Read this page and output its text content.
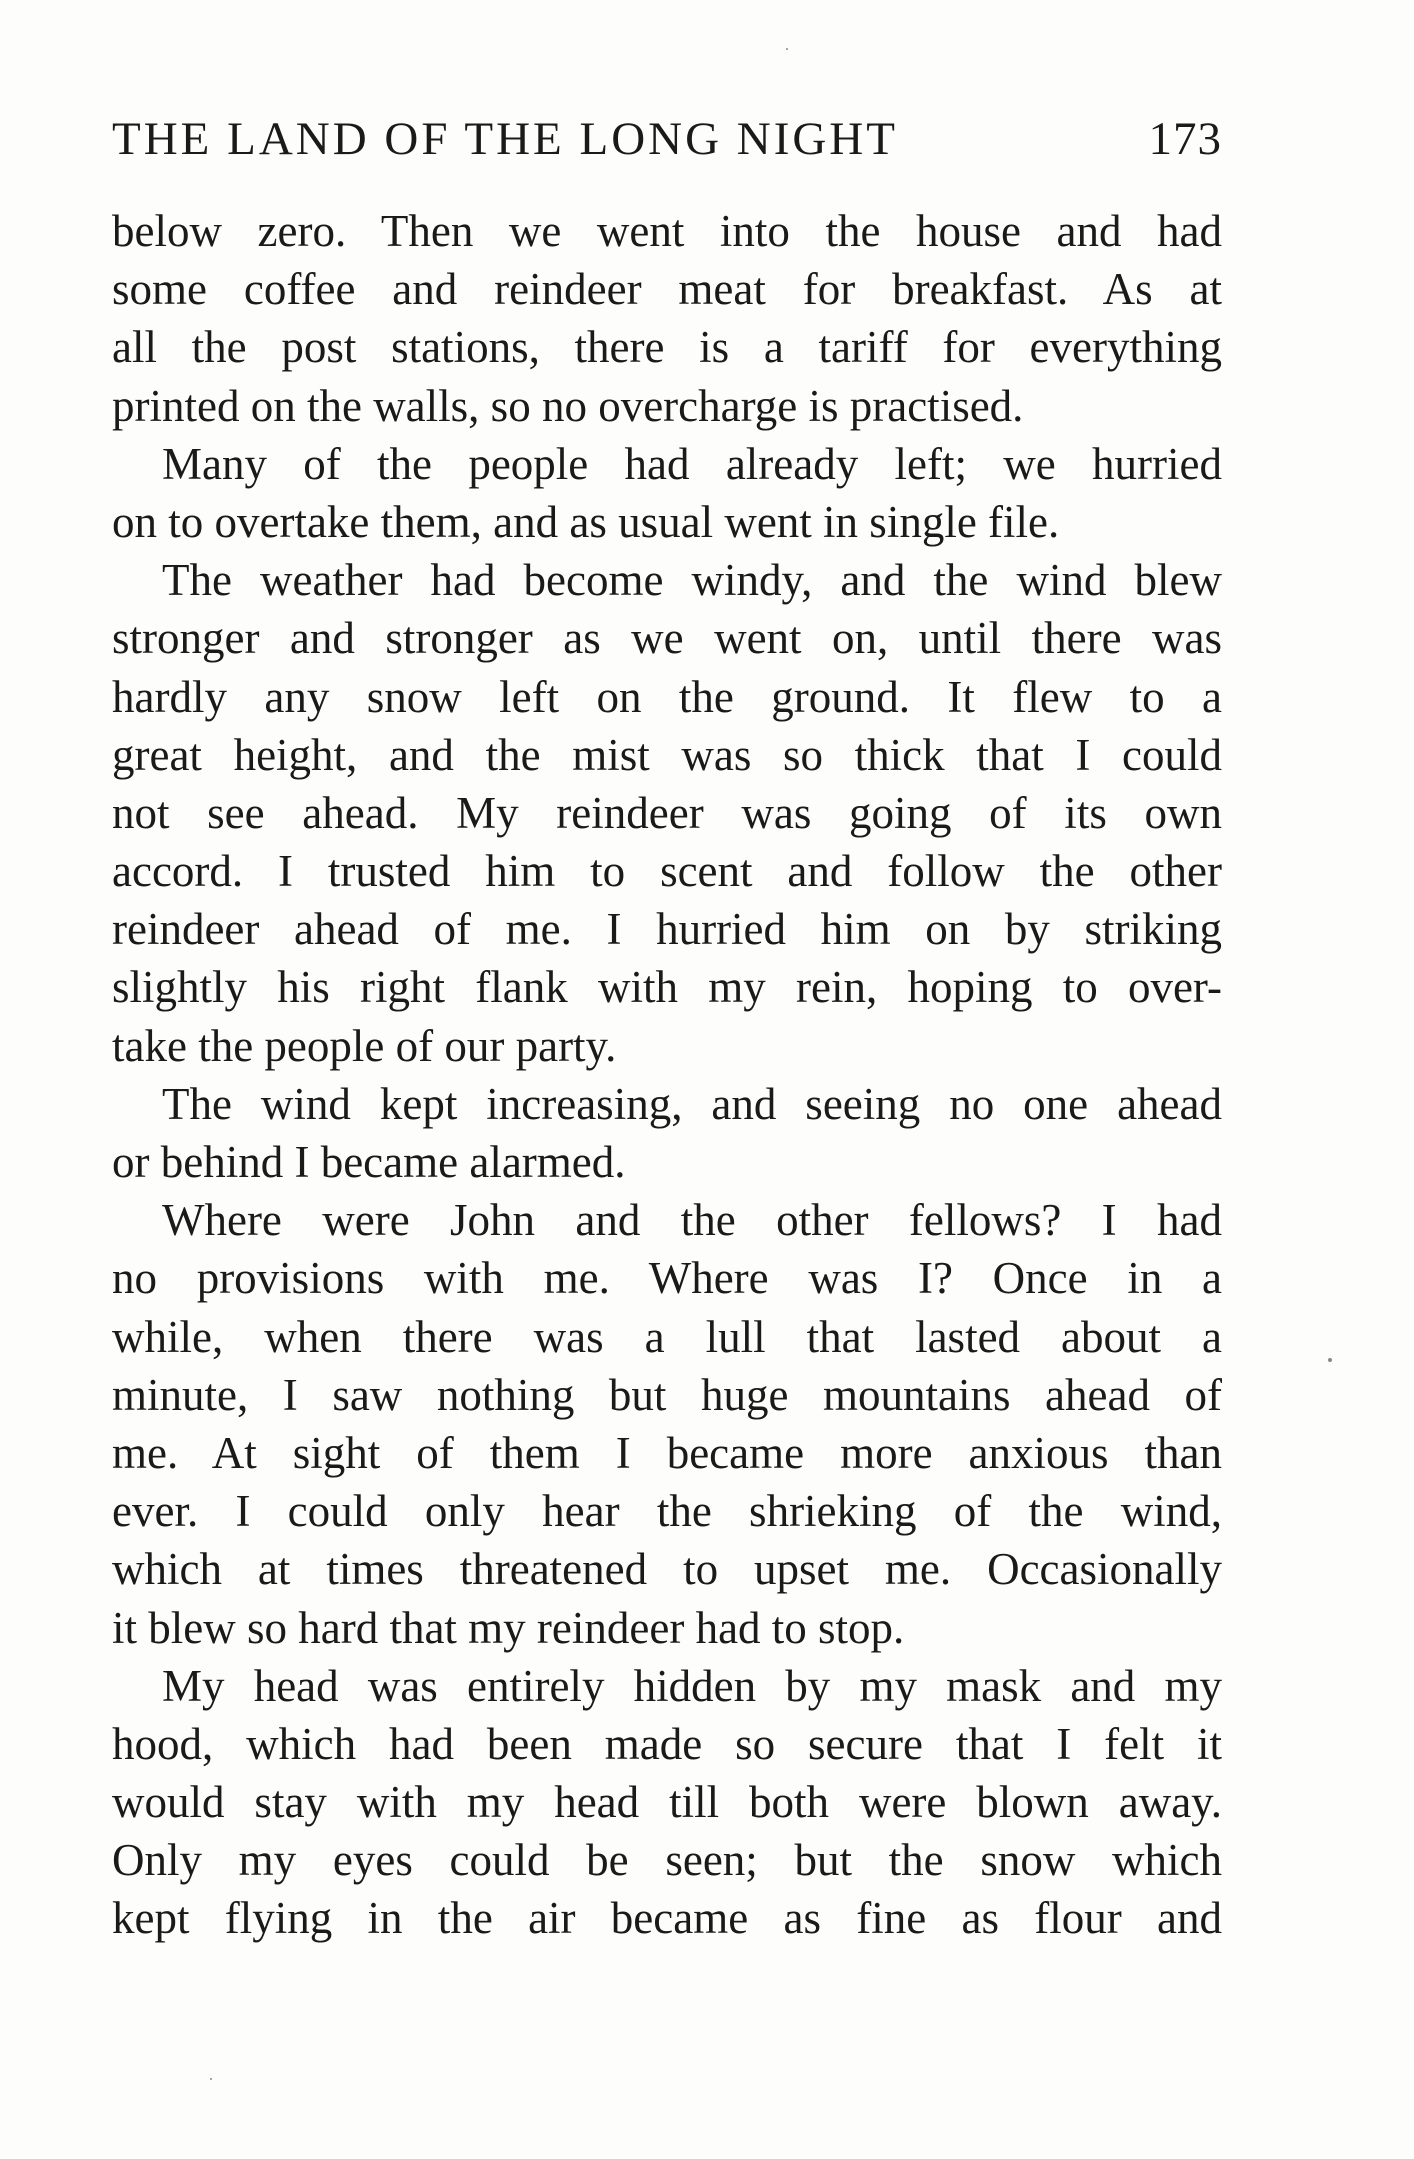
THE LAND OF THE LONG NIGHT	173
below zero. Then we went into the house and had
some coffee and reindeer meat for breakfast. As at
all the post stations, there is a tariff for everything
printed on the walls, so no overcharge is practised.
Many of the people had already left; we hurried
on to overtake them, and as usual went in single file.
The weather had become windy, and the wind blew
stronger and stronger as we went on, until there was
hardly any snow left on the ground. It flew to a
great height, and the mist was so thick that I could
not see ahead. My reindeer was going of its own
accord. I trusted him to scent and follow the other
reindeer ahead of me. I hurried him on by striking
slightly his right flank with my rein, hoping to over-
take the people of our party.
The wind kept increasing, and seeing no one ahead
or behind I became alarmed.
Where were John and the other fellows? I had
no provisions with me. Where was I? Once in a
while, when there was a lull that lasted about a
minute, I saw nothing but huge mountains ahead of
me. At sight of them I became more anxious than
ever. I could only hear the shrieking of the wind,
which at times threatened to upset me. Occasionally
it blew so hard that my reindeer had to stop.
My head was entirely hidden by my mask and my
hood, which had been made so secure that I felt it
would stay with my head till both were blown away.
Only my eyes could be seen; but the snow which
kept flying in the air became as fine as flour and
